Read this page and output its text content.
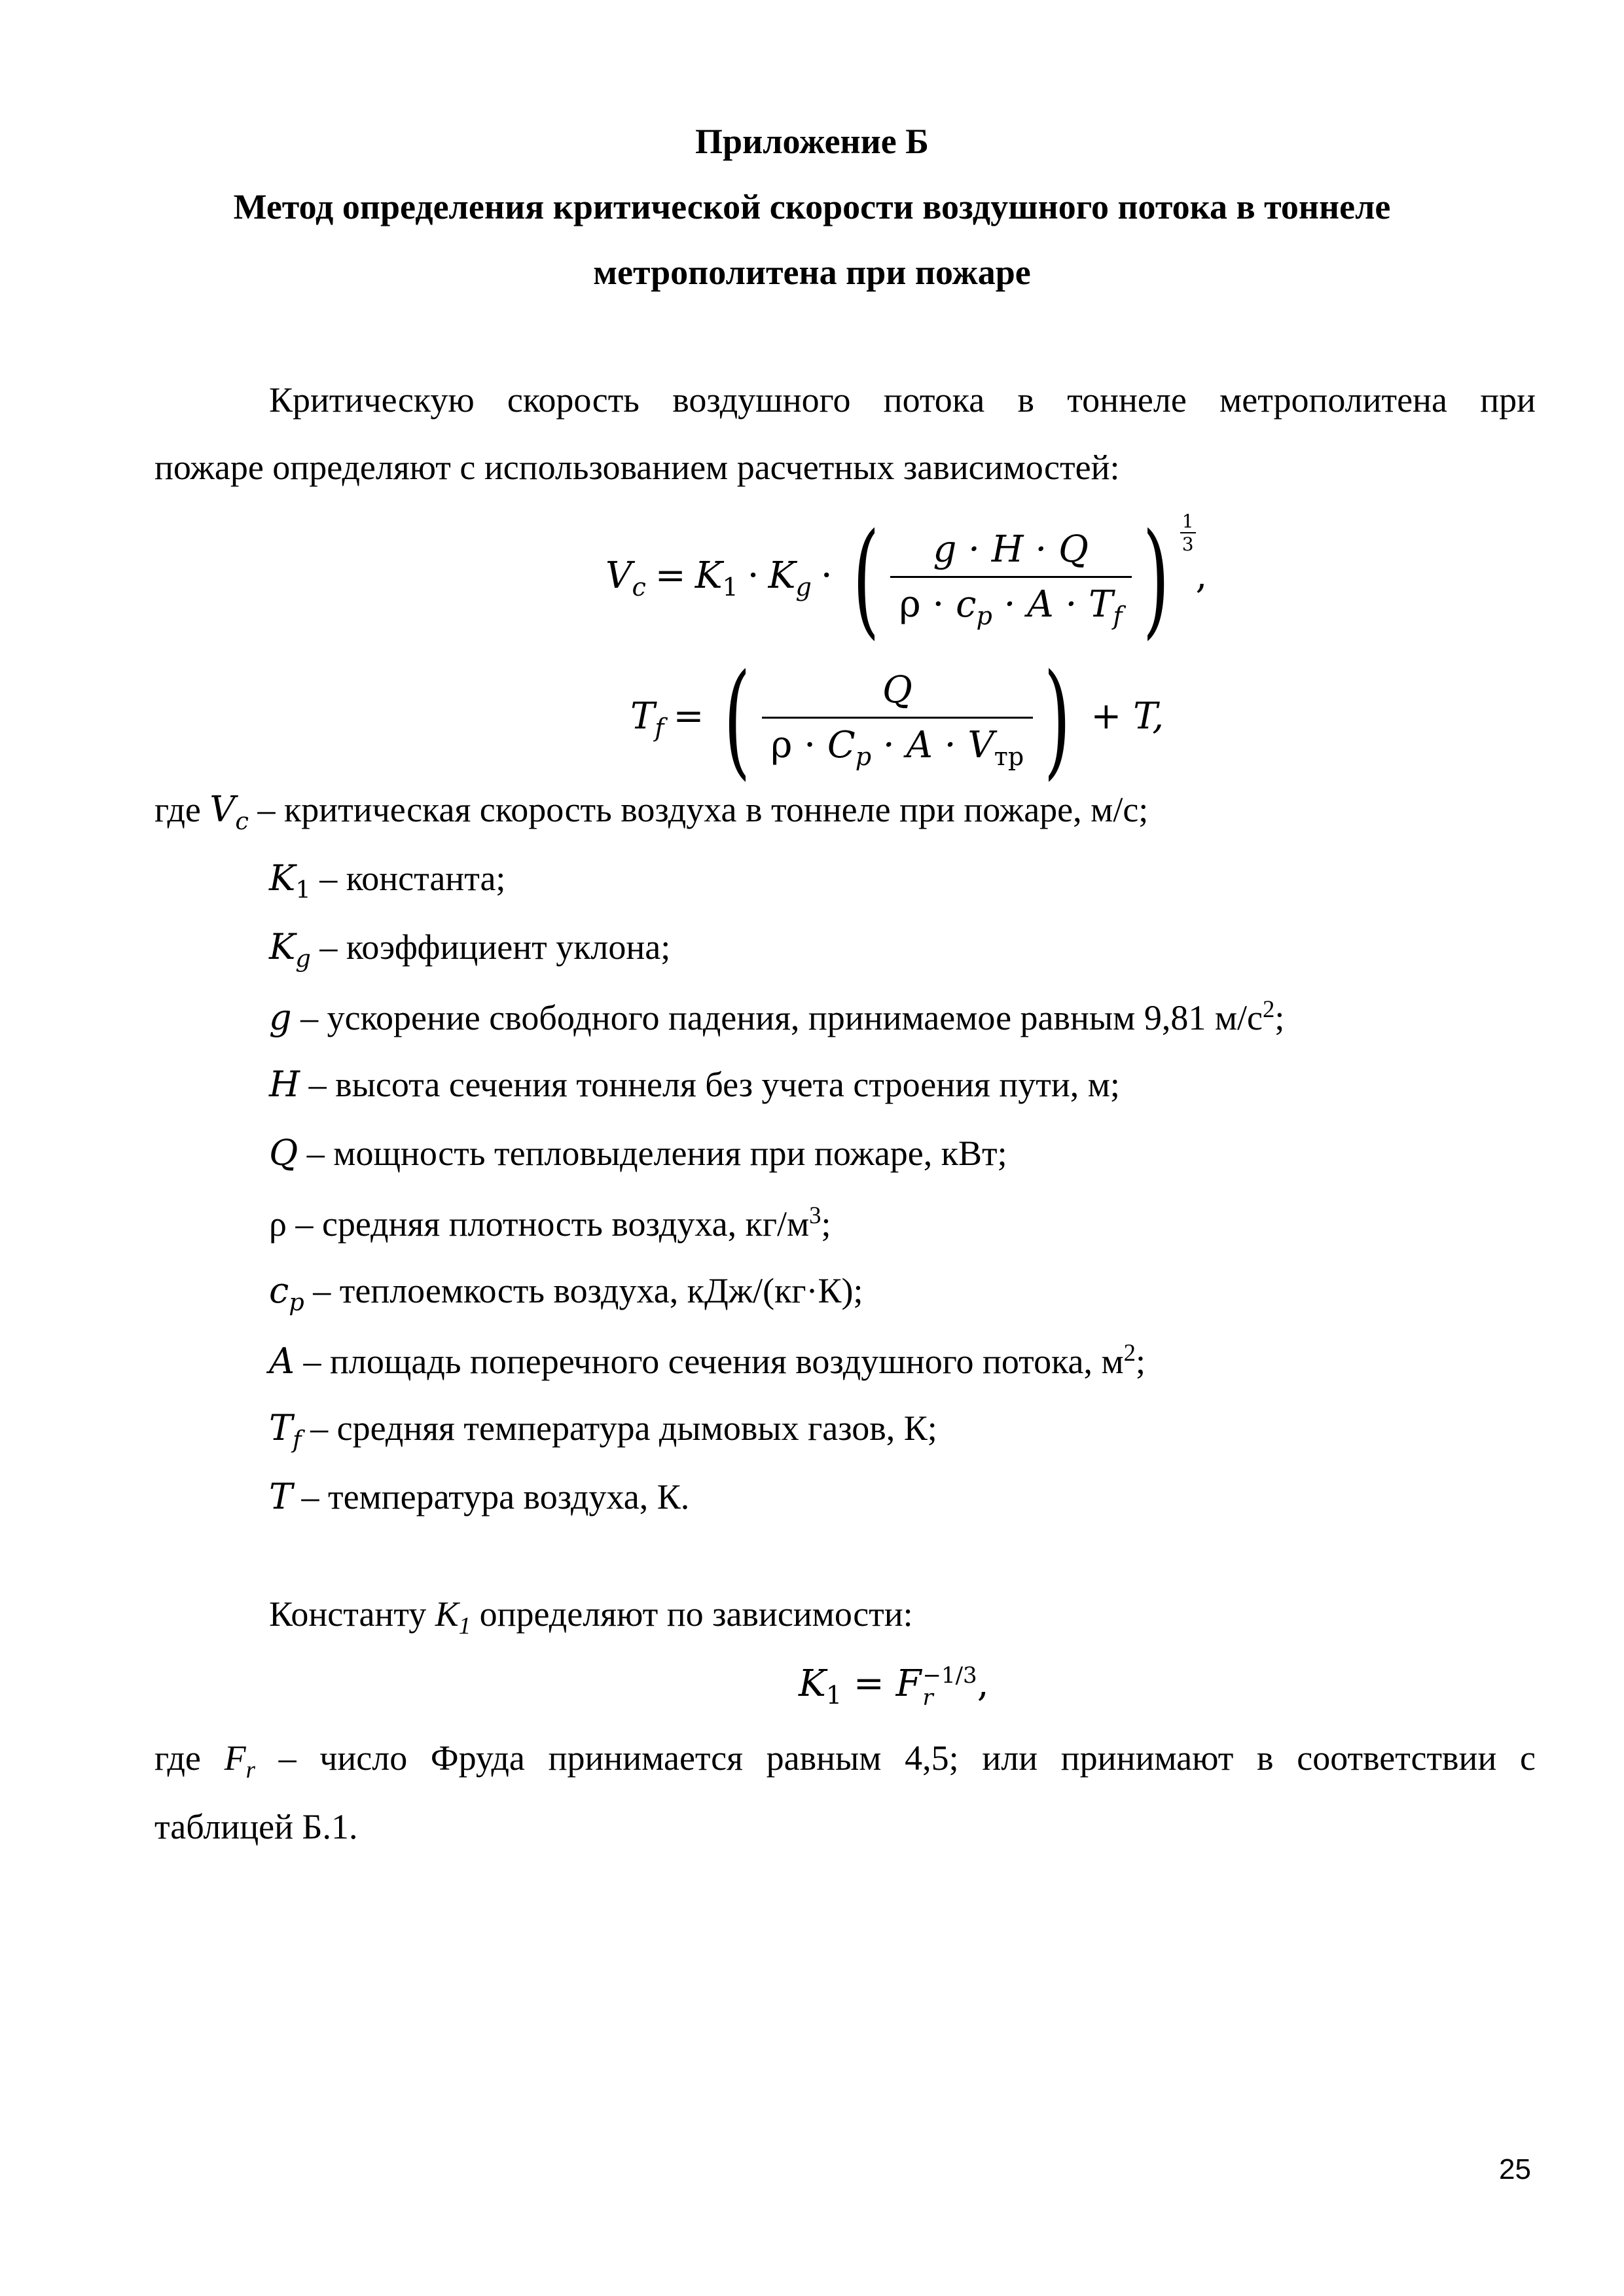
Приложение Б
Метод определения критической скорости воздушного потока в тоннеле
метрополитена при пожаре
Критическую скорость воздушного потока в тоннеле метрополитена при
пожаре определяют с использованием расчетных зависимостей:
$V_c = K_1 \cdot K_g$ · ( $\frac{g \cdot H \cdot Q}{\rho \cdot c_p \cdot A \cdot T_f}$ ) $\frac{1}{3}$
,
$T_f$ = ( $\frac{Q}{\rho \cdot C_p \cdot A \cdot V_{тр}}$ ) + T,
где $V_c$ – критическая скорость воздуха в тоннеле при пожаре, м/с;
$K_1$ – константа;
$K_g$ – коэффициент уклона;
g – ускорение свободного падения, принимаемое равным 9,81 $м/с^2$;
H – высота сечения тоннеля без учета строения пути, м;
Q – мощность тепловыделения при пожаре, кВт;
ρ – средняя плотность воздуха, $кг/м^3$;
$c_p$ – теплоемкость воздуха, кДж/(кг·К);
A – площадь поперечного сечения воздушного потока, $м^2$;
$T_f$ – средняя температура дымовых газов, К;
T – температура воздуха, К.
Константу $K_1$ определяют по зависимости:
$K_1 = F -1/3$
r	,
где $F_r$ – число Фруда принимается равным 4,5; или принимают в соответствии с
таблицей Б.1.
25
